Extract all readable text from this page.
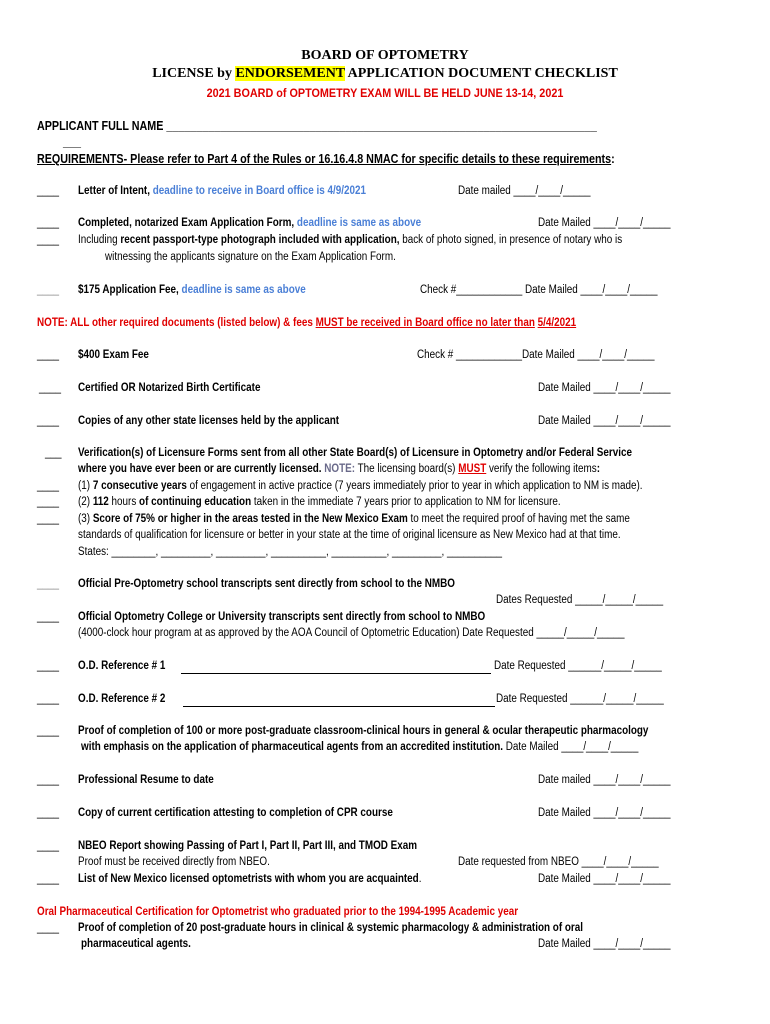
BOARD OF OPTOMETRY
LICENSE by ENDORSEMENT APPLICATION DOCUMENT CHECKLIST
2021 BOARD of OPTOMETRY EXAM WILL BE HELD JUNE 13-14, 2021
APPLICANT FULL NAME ________________________________________________________________________
___
REQUIREMENTS- Please refer to Part 4 of the Rules or 16.16.4.8 NMAC for specific details to these requirements:
____ Letter of Intent, deadline to receive in Board office is 4/9/2021	Date mailed ____/____/_____
____ Completed, notarized Exam Application Form, deadline is same as above	Date Mailed ____/____/_____
____ Including recent passport-type photograph included with application, back of photo signed, in presence of notary who is
witnessing the applicants signature on the Exam Application Form.
____ $175 Application Fee, deadline is same as above	Check #____________ Date Mailed ____/____/_____
NOTE: ALL other required documents (listed below) & fees MUST be received in Board office no later than 5/4/2021
____ $400 Exam Fee	Check # ____________Date Mailed ____/____/_____
____ Certified OR Notarized Birth Certificate	Date Mailed ____/____/_____
____ Copies of any other state licenses held by the applicant	Date Mailed ____/____/_____
___ Verification(s) of Licensure Forms sent from all other State Board(s) of Licensure in Optometry and/or Federal Service
where you have ever been or are currently licensed. NOTE: The licensing board(s) MUST verify the following items:
____ (1) 7 consecutive years of engagement in active practice (7 years immediately prior to year in which application to NM is made).
____ (2) 112 hours of continuing education taken in the immediate 7 years prior to application to NM for licensure.
____ (3) Score of 75% or higher in the areas tested in the New Mexico Exam to meet the required proof of having met the same
standards of qualification for licensure or better in your state at the time of original licensure as New Mexico had at that time.
States: ________, _________, _________, __________, __________, _________, __________
____ Official Pre-Optometry school transcripts sent directly from school to the NMBO
Dates Requested _____/_____/_____
____ Official Optometry College or University transcripts sent directly from school to NMBO
(4000-clock hour program at as approved by the AOA Council of Optometric Education) Date Requested _____/_____/_____
____ O.D. Reference # 1	Date Requested ______/_____/_____
____ O.D. Reference # 2	Date Requested ______/_____/_____
____ Proof of completion of 100 or more post-graduate classroom-clinical hours in general & ocular therapeutic pharmacology
with emphasis on the application of pharmaceutical agents from an accredited institution. Date Mailed ____/____/_____
____ Professional Resume to date	Date mailed ____/____/_____
____ Copy of current certification attesting to completion of CPR course	Date Mailed ____/____/_____
____ NBEO Report showing Passing of Part I, Part II, Part III, and TMOD Exam
Proof must be received directly from NBEO.	Date requested from NBEO ____/____/_____
____ List of New Mexico licensed optometrists with whom you are acquainted.	Date Mailed ____/____/_____
Oral Pharmaceutical Certification for Optometrist who graduated prior to the 1994-1995 Academic year
____ Proof of completion of 20 post-graduate hours in clinical & systemic pharmacology & administration of oral
pharmaceutical agents.	Date Mailed ____/____/_____
